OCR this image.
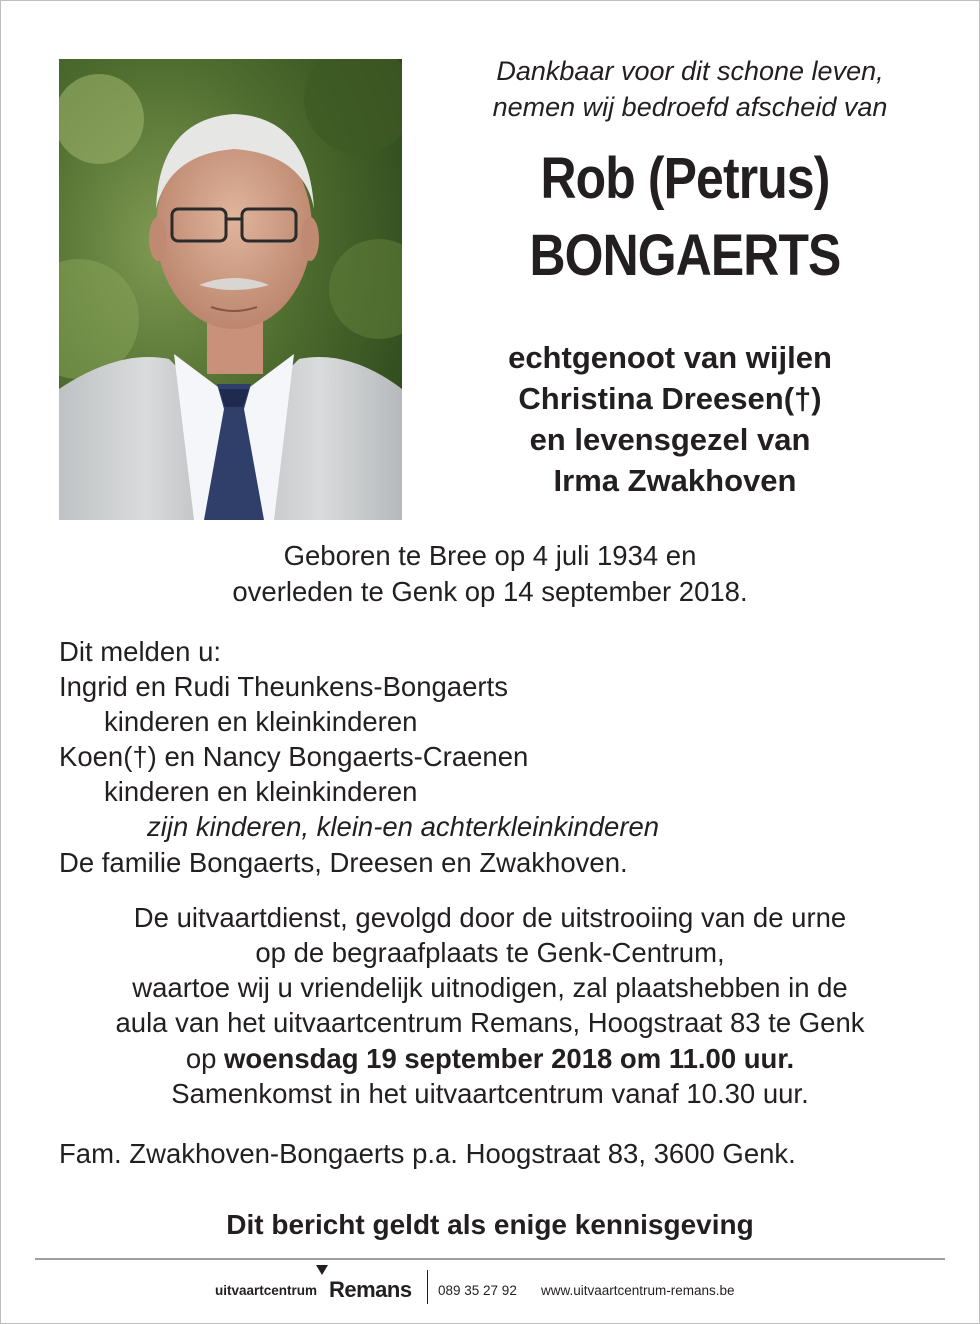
Dankbaar voor dit schone leven,
nemen wij bedroefd afscheid van
Rob (Petrus)
BONGAERTS
echtgenoot van wijlen
Christina Dreesen(†)
en levensgezel van
Irma Zwakhoven
Geboren te Bree op 4 juli 1934 en
overleden te Genk op 14 september 2018.
Dit melden u:
Ingrid en Rudi Theunkens-Bongaerts
kinderen en kleinkinderen
Koen(†) en Nancy Bongaerts-Craenen
kinderen en kleinkinderen
zijn kinderen, klein-en achterkleinkinderen
De familie Bongaerts, Dreesen en Zwakhoven.
De uitvaartdienst, gevolgd door de uitstrooiing van de urne
op de begraafplaats te Genk-Centrum,
waartoe wij u vriendelijk uitnodigen, zal plaatshebben in de
aula van het uitvaartcentrum Remans, Hoogstraat 83 te Genk
op woensdag 19 september 2018 om 11.00 uur.
Samenkomst in het uitvaartcentrum vanaf 10.30 uur.
Fam. Zwakhoven-Bongaerts p.a. Hoogstraat 83, 3600 Genk.
Dit bericht geldt als enige kennisgeving
uitvaartcentrum Remans 089 35 27 92 www.uitvaartcentrum-remans.be
